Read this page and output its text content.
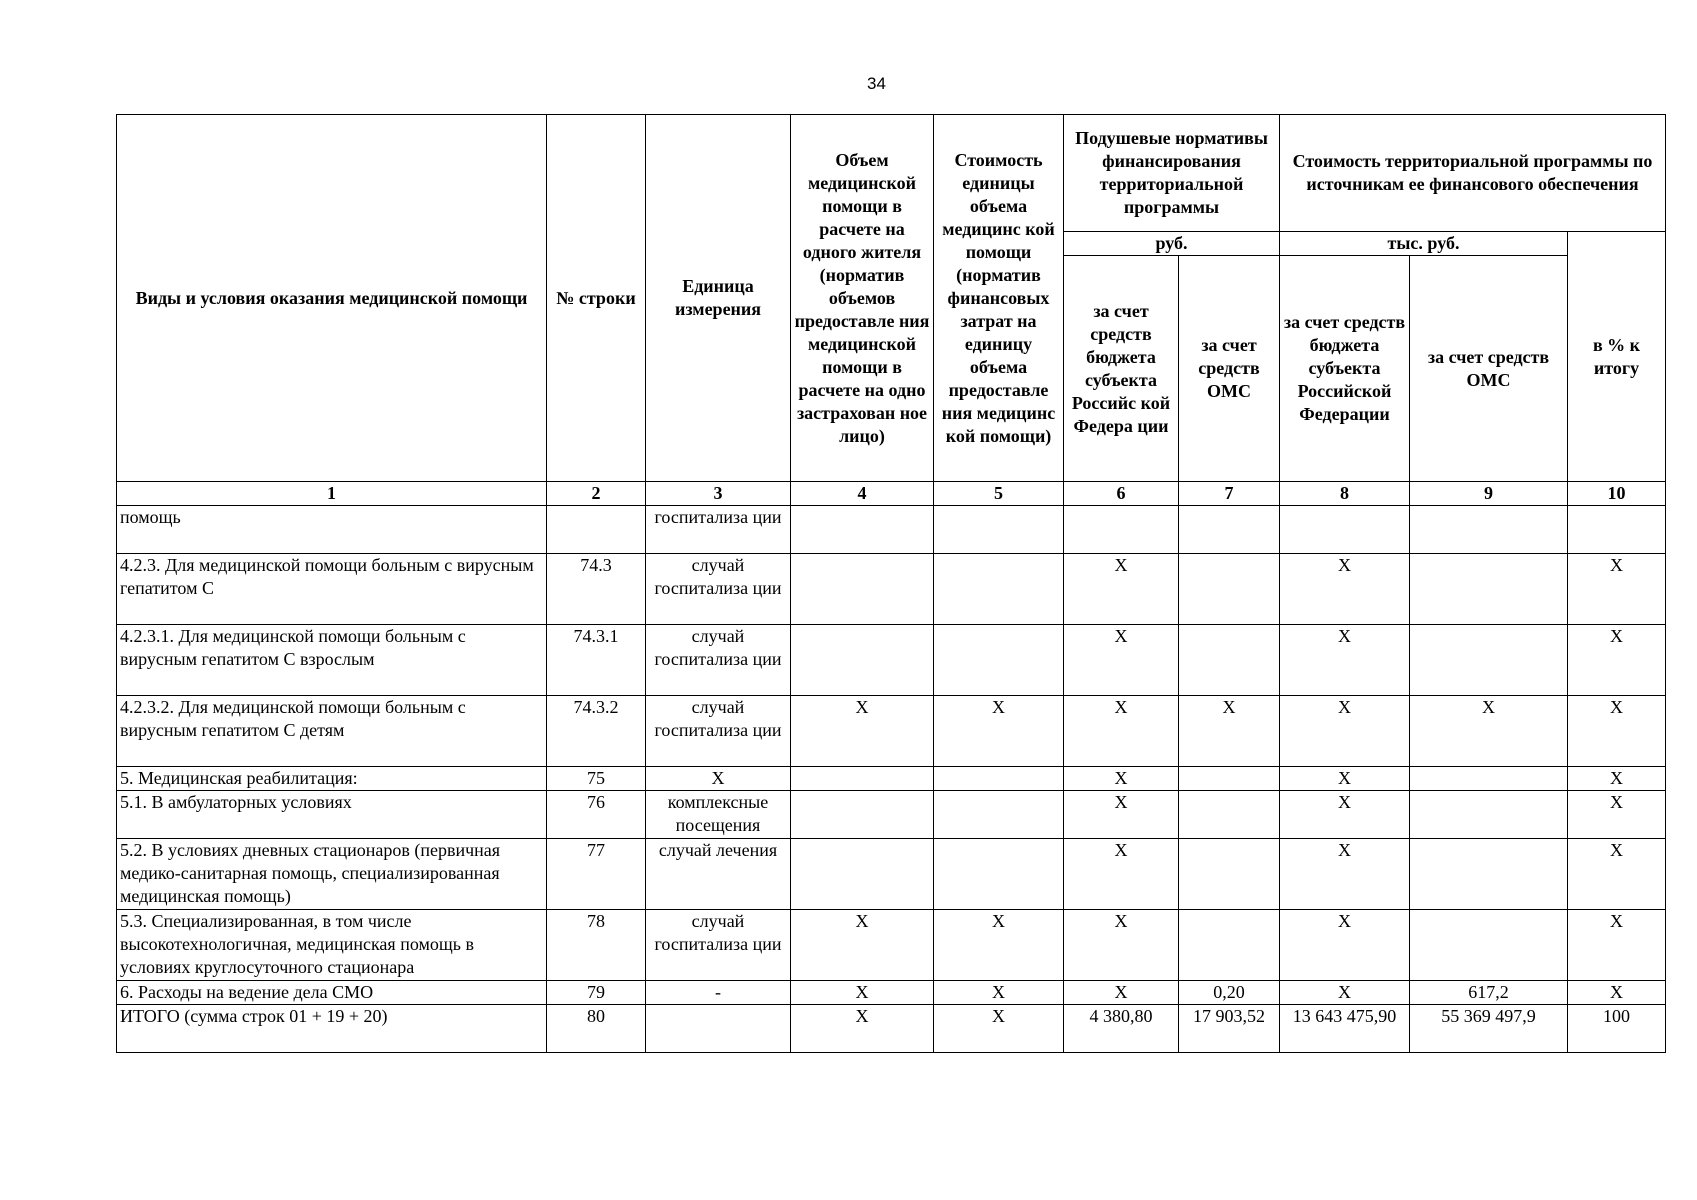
34
Виды и условия оказания медицинской помощи	№ строки	Единица измерения	Объем медицинской помощи в расчете на одного жителя (норматив объемов предоставле ния медицинской помощи в расчете на одно застрахован ное лицо)	Стоимость единицы объема медицинс кой помощи (норматив финансовых затрат на единицу объема предоставле ния медицинс кой помощи)	Подушевые нормативы финансирования территориальной программы		Стоимость территориальной программы по источникам ее финансового обеспечения		
					руб.		тыс. руб.		в % к итогу
					за счет средств бюджета субъекта Российс кой Федера ции	за счет средств ОМС	за счет средств бюджета субъекта Российской Федерации	за счет средств ОМС	
1	2	3	4	5	6	7	8	9	10
помощь		госпитализа ции							
4.2.3. Для медицинской помощи больным с вирусным гепатитом С	74.3	случай госпитализа ции			X		X		X
4.2.3.1. Для медицинской помощи больным с вирусным гепатитом С взрослым	74.3.1	случай госпитализа ции			X		X		X
4.2.3.2. Для медицинской помощи больным с вирусным гепатитом С детям	74.3.2	случай госпитализа ции	X	X	X	X	X	X	X
5. Медицинская реабилитация:	75	X			X		X		X
5.1. В амбулаторных условиях	76	комплексные посещения			X		X		X
5.2. В условиях дневных стационаров (первичная медико-санитарная помощь, специализированная медицинская помощь)	77	случай лечения			X		X		X
5.3. Специализированная, в том числе высокотехнологичная, медицинская помощь в условиях круглосуточного стационара	78	случай госпитализа ции	X	X	X		X		X
6. Расходы на ведение дела СМО	79	-	X	X	X	0,20	X	617,2	X
ИТОГО (сумма строк 01 + 19 + 20)	80		X	X	4 380,80	17 903,52	13 643 475,90	55 369 497,9	100
